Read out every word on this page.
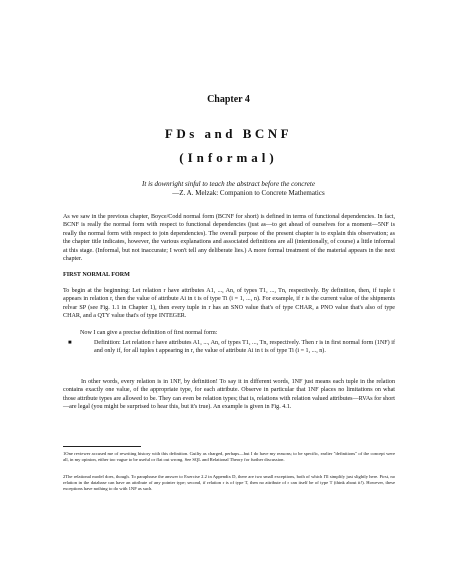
Chapter 4
FDs and BCNF
(Informal)
It is downright sinful to teach the abstract before the concrete
—Z. A. Melzak: Companion to Concrete Mathematics

As we saw in the previous chapter, Boyce/Codd normal form (BCNF for short) is defined in terms of functional dependencies. In fact, BCNF is really the normal form with respect to functional dependencies (just as—to get ahead of ourselves for a moment—5NF is really the normal form with respect to join dependencies). The overall purpose of the present chapter is to explain this observation; as the chapter title indicates, however, the various explanations and associated definitions are all (intentionally, of course) a little informal at this stage. (Informal, but not inaccurate; I won't tell any deliberate lies.) A more formal treatment of the material appears in the next chapter.

FIRST NORMAL FORM

To begin at the beginning: Let relation r have attributes A1, ..., An, of types T1, ..., Tn, respectively. By definition, then, if tuple t appears in relation r, then the value of attribute Ai in t is of type Ti (i = 1, ..., n). For example, if r is the current value of the shipments relvar SP (see Fig. 1.1 in Chapter 1), then every tuple in r has an SNO value that's of type CHAR, a PNO value that's also of type CHAR, and a QTY value that's of type INTEGER.

Now I can give a precise definition of first normal form:

■	Definition: Let relation r have attributes A1, ..., An, of types T1, ..., Tn, respectively. Then r is in first normal form (1NF) if and only if, for all tuples t appearing in r, the value of attribute Ai in t is of type Ti (i = 1, ..., n).

In other words, every relation is in 1NF, by definition! To say it in different words, 1NF just means each tuple in the relation contains exactly one value, of the appropriate type, for each attribute. Observe in particular that 1NF places no limitations on what those attribute types are allowed to be. They can even be relation types; that is, relations with relation valued attributes—RVAs for short—are legal (you might be surprised to hear this, but it's true). An example is given in Fig. 4.1.

1One reviewer accused me of rewriting history with this definition. Guilty as charged, perhaps—but I do have my reasons; to be specific, earlier "definitions" of the concept were all, in my opinion, either too vague to be useful or flat out wrong. See SQL and Relational Theory for further discussion.

2The relational model does, though. To paraphrase the answer to Exercise 2.2 in Appendix D, there are two small exceptions, both of which I'll simplify just slightly here. First, no relation in the database can have an attribute of any pointer type; second, if relation r is of type T, then no attribute of r can itself be of type T (think about it!). However, these exceptions have nothing to do with 1NF as such.
